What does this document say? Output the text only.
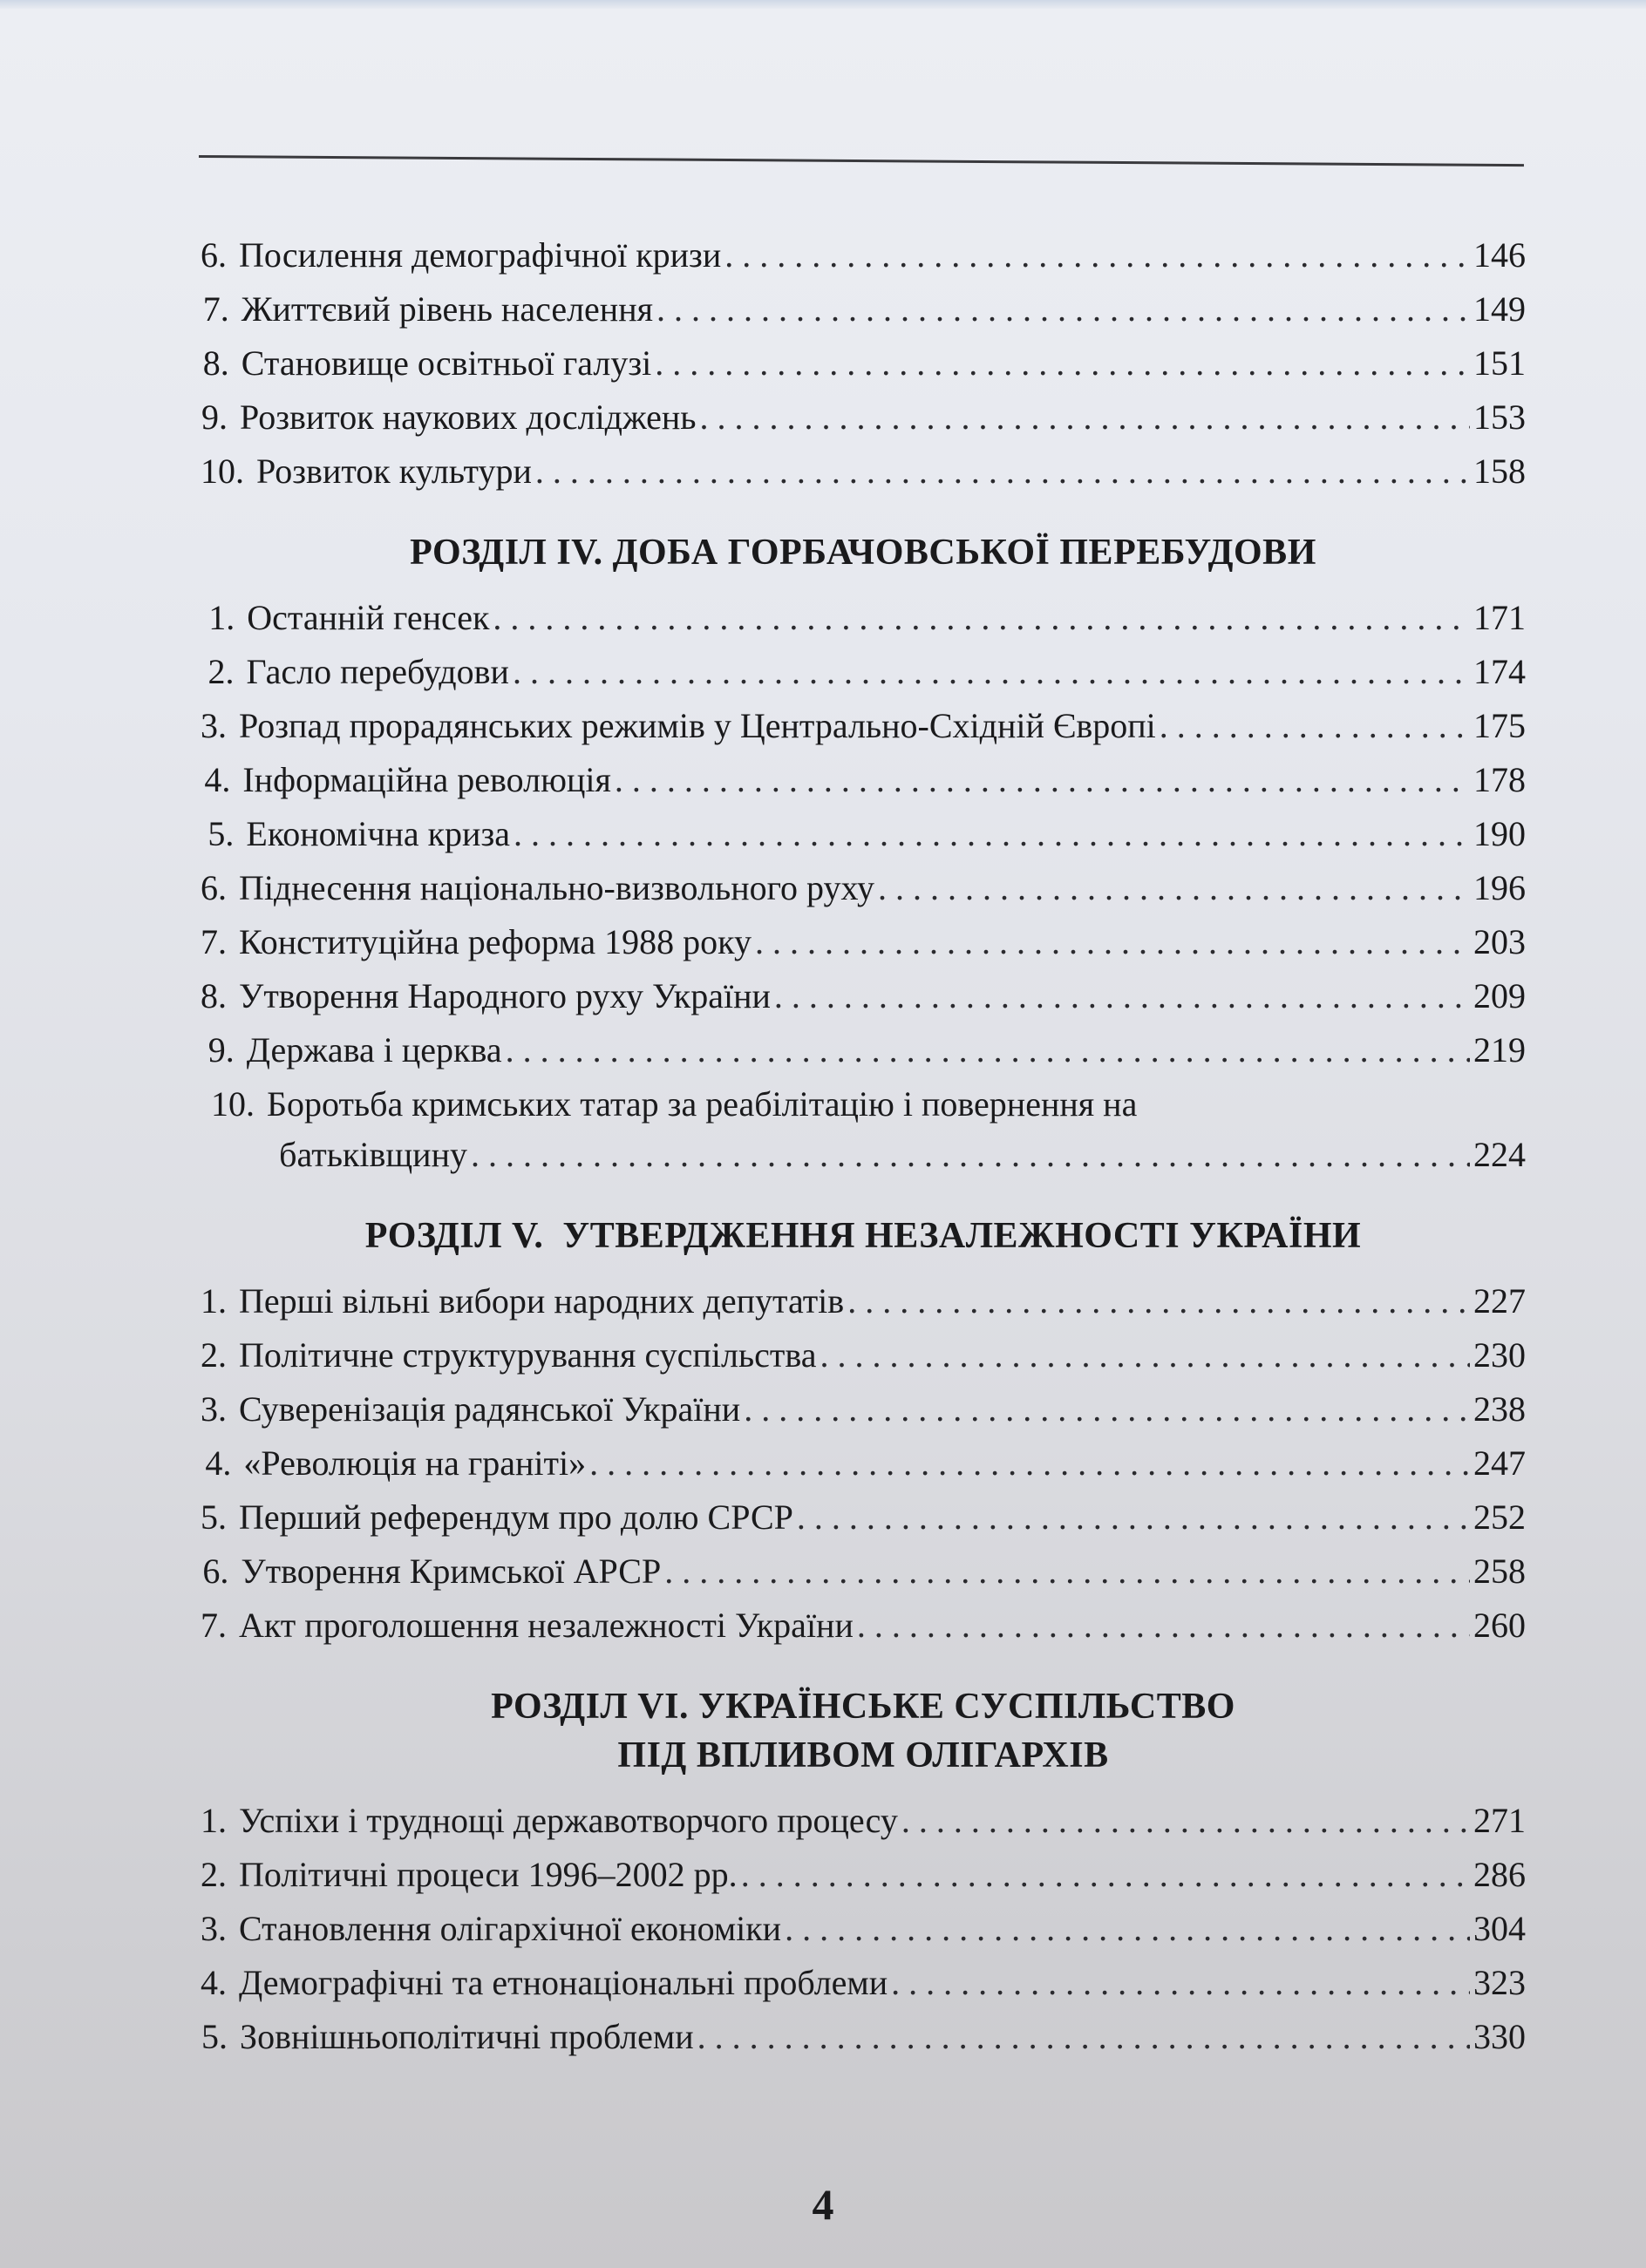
6. Посилення демографічної кризи . . .	146
7. Життєвий рівень населення . . .	149
8. Становище освітньої галузі . . .	151
9. Розвиток наукових досліджень . . .	153
10. Розвиток культури . . .	158
РОЗДІЛ IV. ДОБА ГОРБАЧОВСЬКОЇ ПЕРЕБУДОВИ
1. Останній генсек . . .	171
2. Гасло перебудови . . .	174
3. Розпад прорадянських режимів у Центрально-Східній Європі . . .	175
4. Інформаційна революція . . .	178
5. Економічна криза . . .	190
6. Піднесення національно-визвольного руху . . .	196
7. Конституційна реформа 1988 року . . .	203
8. Утворення Народного руху України . . .	209
9. Держава і церква . . .	219
10. Боротьба кримських татар за реабілітацію і повернення на
батьківщину . . .	224
РОЗДІЛ V.  УТВЕРДЖЕННЯ НЕЗАЛЕЖНОСТІ УКРАЇНИ
1. Перші вільні вибори народних депутатів . . .	227
2. Політичне структурування суспільства . . .	230
3. Суверенізація радянської України . . .	238
4. «Революція на граніті» . . .	247
5. Перший референдум про долю СРСР . . .	252
6. Утворення Кримської АРСР . . .	258
7. Акт проголошення незалежності України . . .	260
РОЗДІЛ VI. УКРАЇНСЬКЕ СУСПІЛЬСТВО
ПІД ВПЛИВОМ ОЛІГАРХІВ
1. Успіхи і труднощі державотворчого процесу . . .	271
2. Політичні процеси 1996–2002 рр. . . .	286
3. Становлення олігархічної економіки . . .	304
4. Демографічні та етнонаціональні проблеми . . .	323
5. Зовнішньополітичні проблеми . . .	330
4
